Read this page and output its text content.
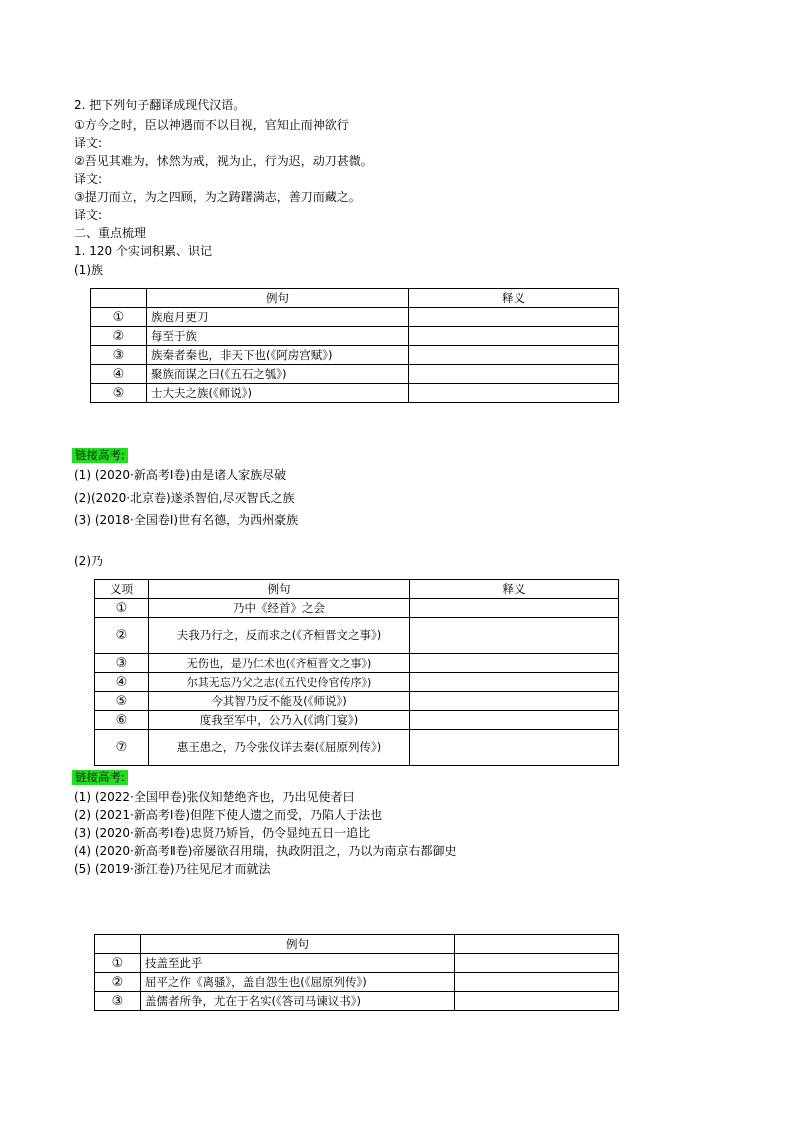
2. 把下列句子翻译成现代汉语。
①方今之时，臣以神遇而不以目视，官知止而神欲行
译文:
②吾见其难为，怵然为戒，视为止，行为迟，动刀甚微。
译文:
③提刀而立，为之四顾，为之踌躇满志，善刀而藏之。
译文:
二、重点梳理
1. 120 个实词积累、识记
(1)族
	例句	释义
①	族庖月更刀	
②	每至于族	
③	族秦者秦也，非天下也(《阿房宫赋》)	
④	聚族而谋之曰(《五石之瓠》)	
⑤	士大夫之族(《师说》)	
链接高考:
(1) (2020·新高考Ⅰ卷)由是诸人家族尽破
(2)(2020·北京卷)遂杀智伯,尽灭智氏之族
(3) (2018·全国卷Ⅰ)世有名德，为西州豪族
(2)乃
义项	例句	释义
①	乃中《经首》之会	
②	夫我乃行之，反而求之(《齐桓晋文之事》)	
③	无伤也，是乃仁术也(《齐桓晋文之事》)	
④	尔其无忘乃父之志(《五代史伶官传序》)	
⑤	今其智乃反不能及(《师说》)	
⑥	度我至军中，公乃入(《鸿门宴》)	
⑦	惠王患之，乃令张仪详去秦(《屈原列传》)	
链接高考:
(1) (2022·全国甲卷)张仪知楚绝齐也，乃出见使者曰
(2) (2021·新高考Ⅰ卷)但陛下使人遗之而受，乃陷人于法也
(3) (2020·新高考Ⅰ卷)忠贤乃矫旨，仍令显纯五日一追比
(4) (2020·新高考Ⅱ卷)帝屡欲召用瑞，执政阴沮之，乃以为南京右都御史
(5) (2019·浙江卷)乃往见尼才而就法
	例句	
①	技盖至此乎	
②	屈平之作《离骚》，盖自怨生也(《屈原列传》)	
③	盖儒者所争，尤在于名实(《答司马谏议书》)	
